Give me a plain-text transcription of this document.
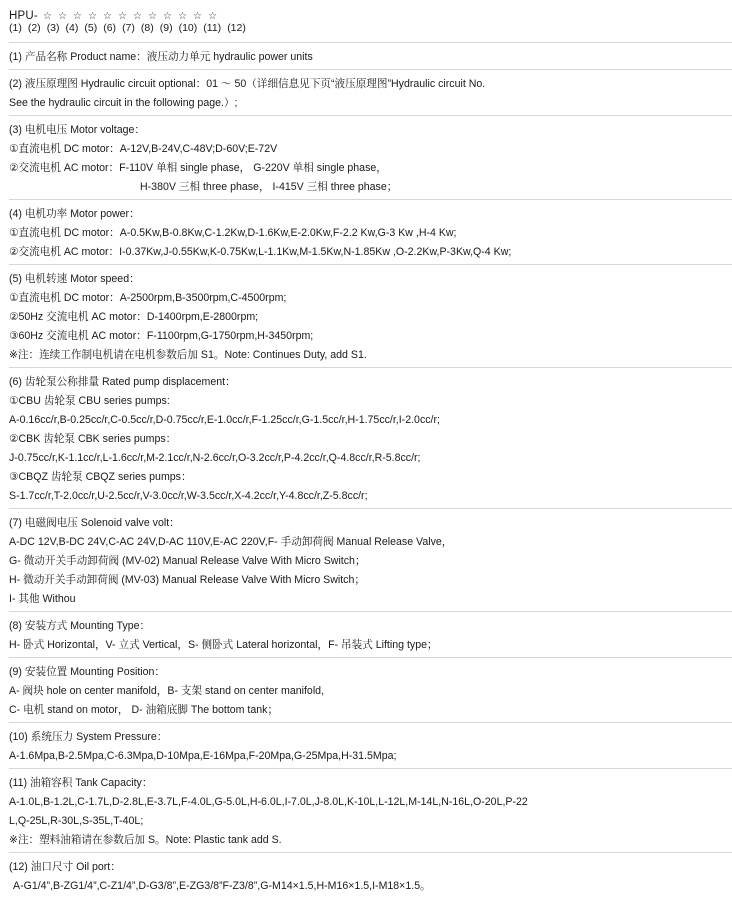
HPU- ☆ ☆ ☆ ☆ ☆ ☆ ☆ ☆ ☆ ☆ ☆ ☆
(1) (2) (3) (4) (5) (6) (7) (8) (9) (10) (11) (12)
(1) 产品名称 Product name：液压动力单元 hydraulic power units
(2) 液压原理图 Hydraulic circuit optional：01 ～ 50（详细信息见下页“液压原理图”Hydraulic circuit No.
See the hydraulic circuit in the following page.）;
(3) 电机电压 Motor voltage：
①直流电机 DC motor：A-12V,B-24V,C-48V;D-60V;E-72V
②交流电机 AC motor：F-110V 单相 single phase， G-220V 单相 single phase，
H-380V 三相 three phase， I-415V 三相 three phase；
(4) 电机功率 Motor power：
①直流电机 DC motor：A-0.5Kw,B-0.8Kw,C-1.2Kw,D-1.6Kw,E-2.0Kw,F-2.2 Kw,G-3 Kw ,H-4 Kw;
②交流电机 AC motor：I-0.37Kw,J-0.55Kw,K-0.75Kw,L-1.1Kw,M-1.5Kw,N-1.85Kw ,O-2.2Kw,P-3Kw,Q-4 Kw;
(5) 电机转速 Motor speed：
①直流电机 DC motor：A-2500rpm,B-3500rpm,C-4500rpm;
②50Hz 交流电机 AC motor：D-1400rpm,E-2800rpm;
③60Hz 交流电机 AC motor：F-1100rpm,G-1750rpm,H-3450rpm;
※注：连续工作制电机请在电机参数后加 S1。Note: Continues Duty, add S1.
(6) 齿轮泵公称排量 Rated pump displacement：
①CBU 齿轮泵 CBU series pumps:
A-0.16cc/r,B-0.25cc/r,C-0.5cc/r,D-0.75cc/r,E-1.0cc/r,F-1.25cc/r,G-1.5cc/r,H-1.75cc/r,I-2.0cc/r;
②CBK 齿轮泵 CBK series pumps：
J-0.75cc/r,K-1.1cc/r,L-1.6cc/r,M-2.1cc/r,N-2.6cc/r,O-3.2cc/r,P-4.2cc/r,Q-4.8cc/r,R-5.8cc/r;
③CBQZ 齿轮泵 CBQZ series pumps：
S-1.7cc/r,T-2.0cc/r,U-2.5cc/r,V-3.0cc/r,W-3.5cc/r,X-4.2cc/r,Y-4.8cc/r,Z-5.8cc/r;
(7) 电磁阀电压 Solenoid valve volt：
A-DC 12V,B-DC 24V,C-AC 24V,D-AC 110V,E-AC 220V,F- 手动卸荷阀 Manual Release Valve，
G- 微动开关手动卸荷阀 (MV-02) Manual Release Valve With Micro Switch；
H- 微动开关手动卸荷阀 (MV-03) Manual Release Valve With Micro Switch；
I- 其他 Withou
(8) 安装方式 Mounting Type：
H- 卧式 Horizontal，V- 立式 Vertical，S- 侧卧式 Lateral horizontal，F- 吊装式 Lifting type；
(9) 安装位置 Mounting Position：
A- 阀块 hole on center manifold，B- 支架 stand on center manifold,
C- 电机 stand on motor， D- 油箱底脚 The bottom tank；
(10) 系统压力 System Pressure：
A-1.6Mpa,B-2.5Mpa,C-6.3Mpa,D-10Mpa,E-16Mpa,F-20Mpa,G-25Mpa,H-31.5Mpa;
(11) 油箱容积 Tank Capacity：
A-1.0L,B-1.2L,C-1.7L,D-2.8L,E-3.7L,F-4.0L,G-5.0L,H-6.0L,I-7.0L,J-8.0L,K-10L,L-12L,M-14L,N-16L,O-20L,P-22
L,Q-25L,R-30L,S-35L,T-40L;
※注：塑料油箱请在参数后加 S。Note: Plastic tank add S.
(12) 油口尺寸 Oil port：
A-G1/4”,B-ZG1/4”,C-Z1/4”,D-G3/8”,E-ZG3/8”F-Z3/8”,G-M14×1.5,H-M16×1.5,I-M18×1.5。
